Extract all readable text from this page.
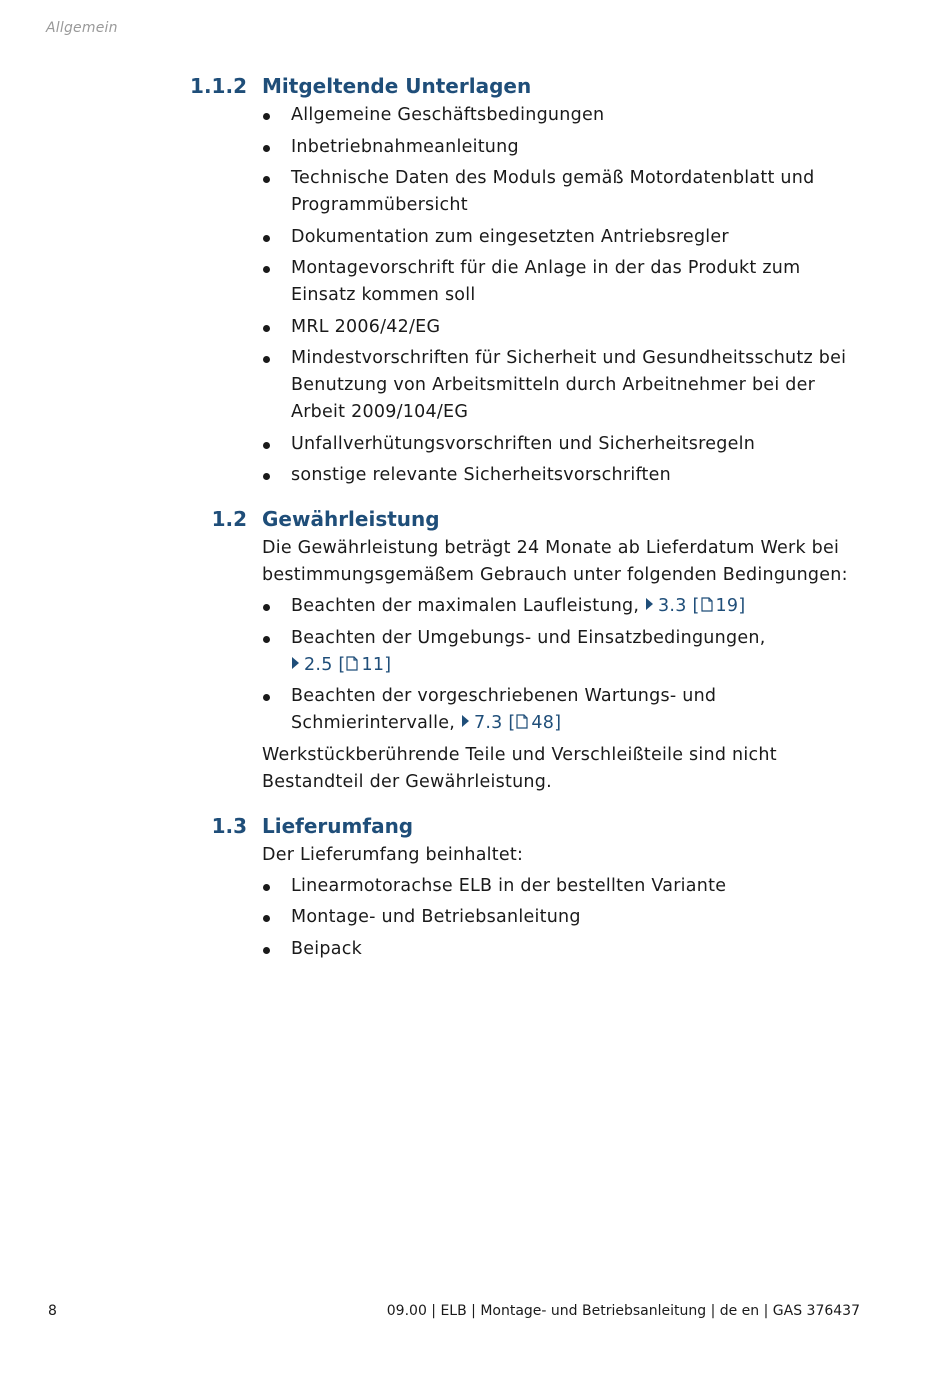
Allgemein
1.1.2 Mitgeltende Unterlagen
Allgemeine Geschäftsbedingungen
Inbetriebnahmeanleitung
Technische Daten des Moduls gemäß Motordatenblatt und Programmübersicht
Dokumentation zum eingesetzten Antriebsregler
Montagevorschrift für die Anlage in der das Produkt zum Einsatz kommen soll
MRL 2006/42/EG
Mindestvorschriften für Sicherheit und Gesundheitsschutz bei Benutzung von Arbeitsmitteln durch Arbeitnehmer bei der Arbeit 2009/104/EG
Unfallverhütungsvorschriften und Sicherheitsregeln
sonstige relevante Sicherheitsvorschriften
1.2 Gewährleistung

Die Gewährleistung beträgt 24 Monate ab Lieferdatum Werk bei bestimmungsgemäßem Gebrauch unter folgenden Bedingungen:

Beachten der maximalen Laufleistung, 3.3 [ 19]
Beachten der Umgebungs- und Einsatzbedingungen, 2.5 [ 11]
Beachten der vorgeschriebenen Wartungs- und Schmierintervalle, 7.3 [ 48]

Werkstückberührende Teile und Verschleißteile sind nicht Bestandteil der Gewährleistung.

1.3 Lieferumfang

Der Lieferumfang beinhaltet:

Linearmotorachse ELB in der bestellten Variante
Montage- und Betriebsanleitung
Beipack
8	09.00 | ELB | Montage- und Betriebsanleitung | de en | GAS 376437
